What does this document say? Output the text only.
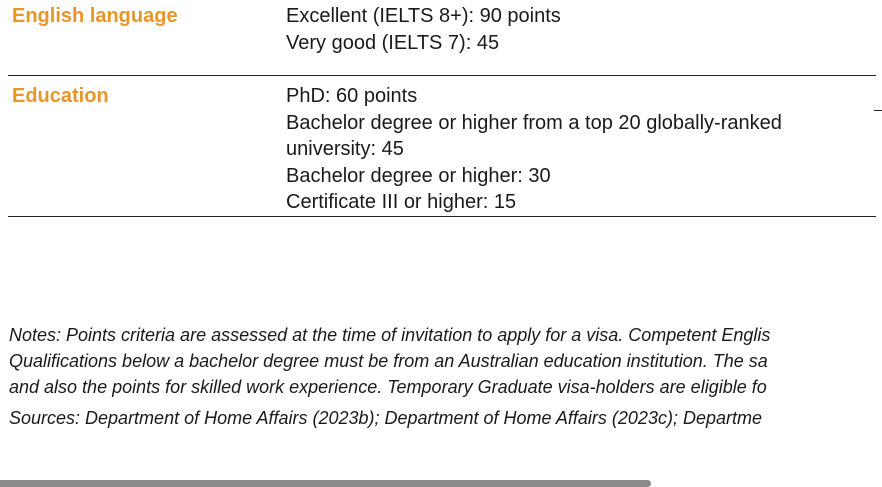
English language	Excellent (IELTS 8+): 90 points
Very good (IELTS 7): 45
Education	PhD: 60 points
Bachelor degree or higher from a top 20 globally-ranked university: 45
Bachelor degree or higher: 30
Certificate III or higher: 15
Notes: Points criteria are assessed at the time of invitation to apply for a visa. Competent Englis
Qualifications below a bachelor degree must be from an Australian education institution. The sa
and also the points for skilled work experience. Temporary Graduate visa-holders are eligible fo
Sources: Department of Home Affairs (2023b); Department of Home Affairs (2023c); Departme
